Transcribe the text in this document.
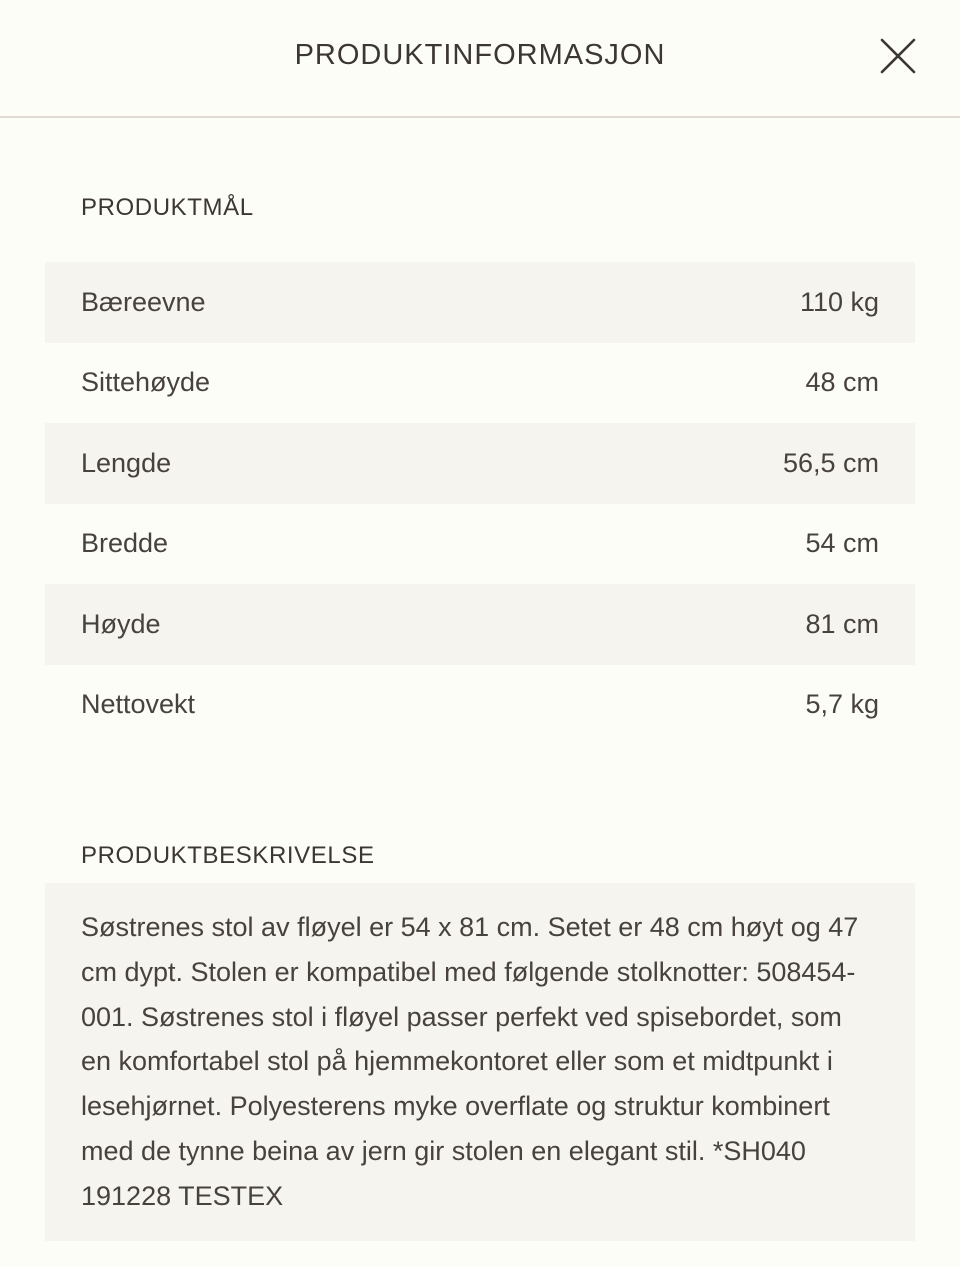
PRODUKTINFORMASJON
PRODUKTMÅL
Bæreevne	110 kg
Sittehøyde	48 cm
Lengde	56,5 cm
Bredde	54 cm
Høyde	81 cm
Nettovekt	5,7 kg
PRODUKTBESKRIVELSE

Søstrenes stol av fløyel er 54 x 81 cm. Setet er 48 cm høyt og 47 cm dypt. Stolen er kompatibel med følgende stolknotter: 508454-001. Søstrenes stol i fløyel passer perfekt ved spisebordet, som en komfortabel stol på hjemmekontoret eller som et midtpunkt i lesehjørnet. Polyesterens myke overflate og struktur kombinert med de tynne beina av jern gir stolen en elegant stil. *SH040 191228 TESTEX
